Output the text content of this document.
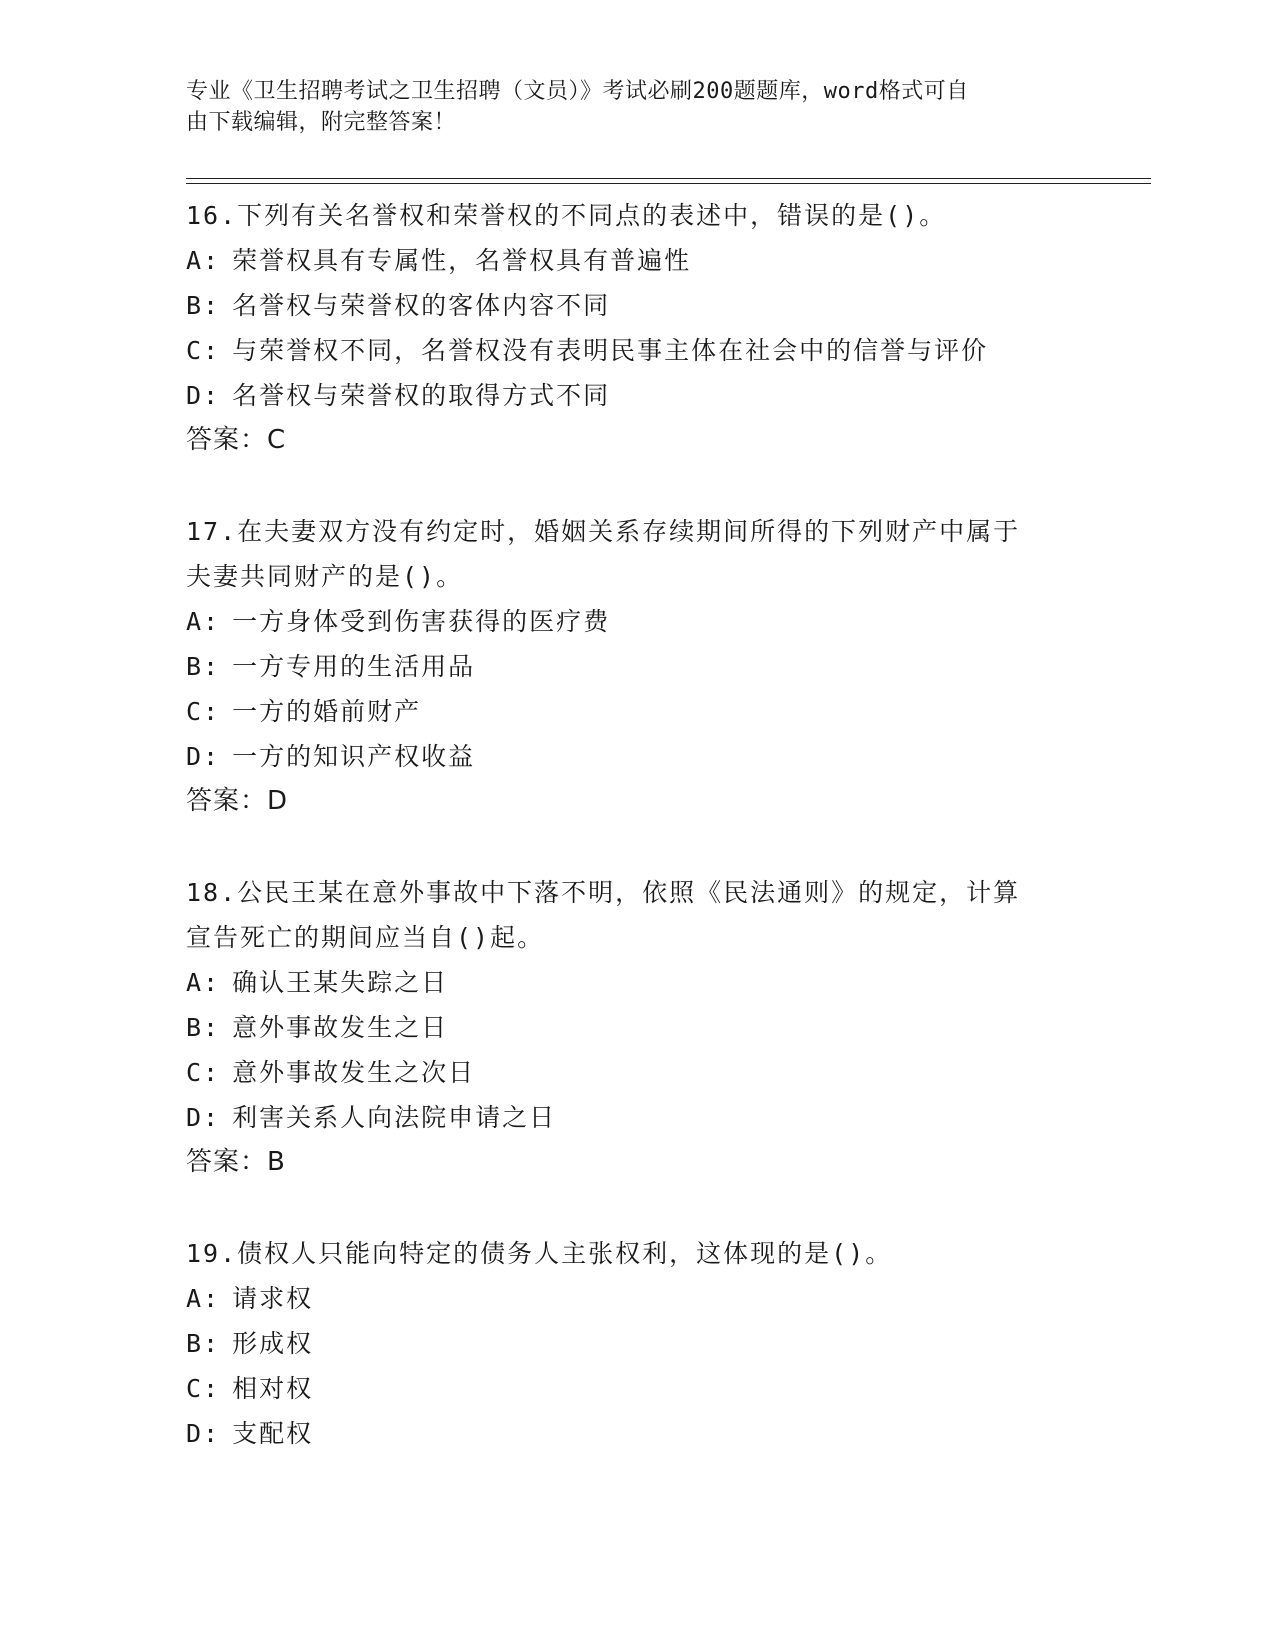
专业《卫生招聘考试之卫生招聘（文员）》考试必刷200题题库，word格式可自
由下载编辑，附完整答案！
16.下列有关名誉权和荣誉权的不同点的表述中，错误的是()。
A: 荣誉权具有专属性，名誉权具有普遍性
B: 名誉权与荣誉权的客体内容不同
C: 与荣誉权不同，名誉权没有表明民事主体在社会中的信誉与评价
D: 名誉权与荣誉权的取得方式不同
答案：C
17.在夫妻双方没有约定时，婚姻关系存续期间所得的下列财产中属于
夫妻共同财产的是()。
A: 一方身体受到伤害获得的医疗费
B: 一方专用的生活用品
C: 一方的婚前财产
D: 一方的知识产权收益
答案：D
18.公民王某在意外事故中下落不明，依照《民法通则》的规定，计算
宣告死亡的期间应当自()起。
A: 确认王某失踪之日
B: 意外事故发生之日
C: 意外事故发生之次日
D: 利害关系人向法院申请之日
答案：B
19.债权人只能向特定的债务人主张权利，这体现的是()。
A: 请求权
B: 形成权
C: 相对权
D: 支配权
